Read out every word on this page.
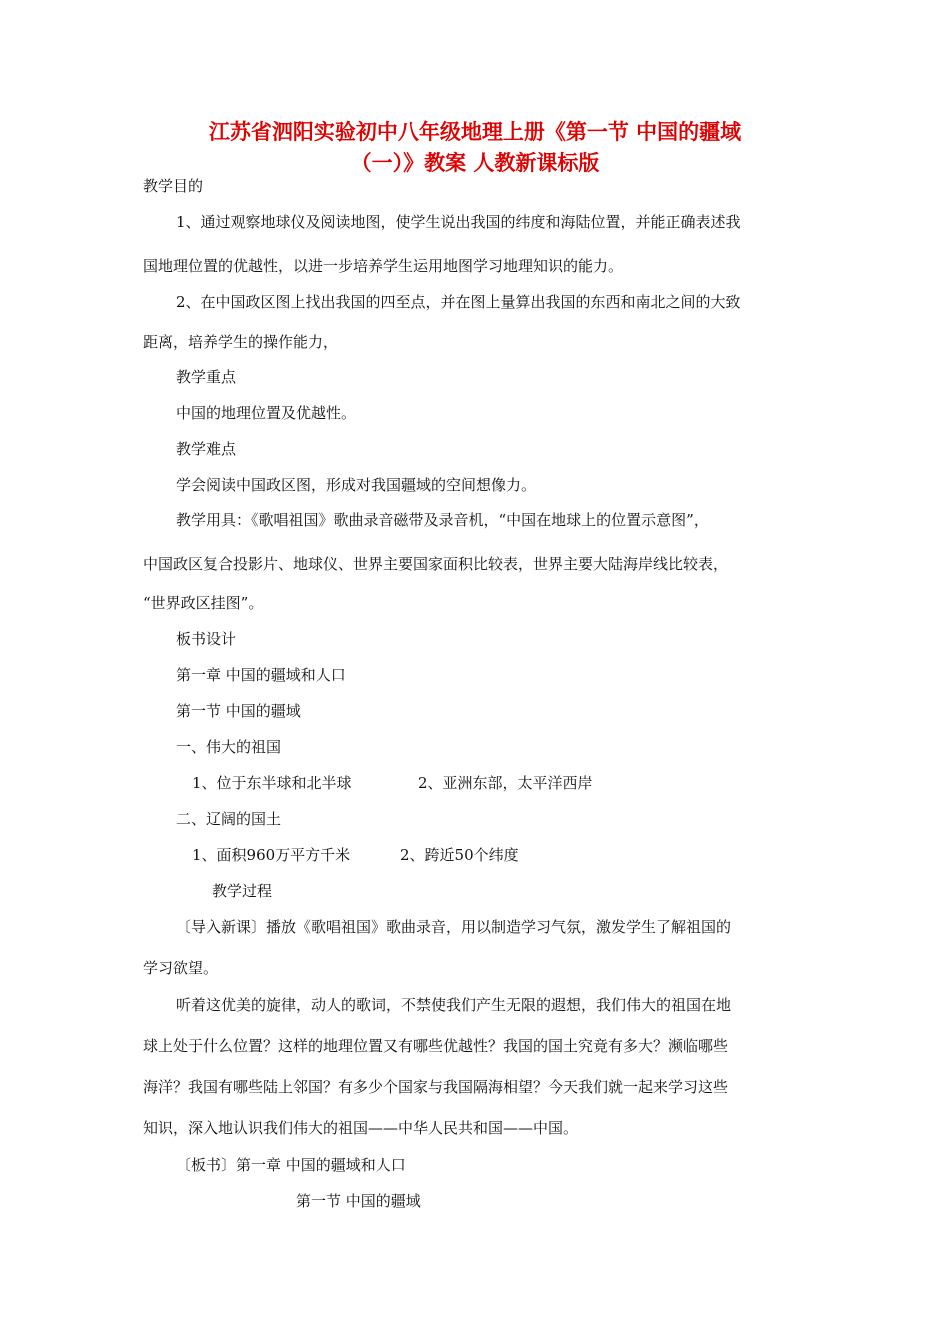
江苏省泗阳实验初中八年级地理上册《第一节 中国的疆域
（一）》教案 人教新课标版
教学目的
1、通过观察地球仪及阅读地图，使学生说出我国的纬度和海陆位置，并能正确表述我
国地理位置的优越性，以进一步培养学生运用地图学习地理知识的能力。
2、在中国政区图上找出我国的四至点，并在图上量算出我国的东西和南北之间的大致
距离，培养学生的操作能力，
教学重点
中国的地理位置及优越性。
教学难点
学会阅读中国政区图，形成对我国疆域的空间想像力。
教学用具：《歌唱祖国》歌曲录音磁带及录音机，“中国在地球上的位置示意图”，
中国政区复合投影片、地球仪、世界主要国家面积比较表，世界主要大陆海岸线比较表，
“世界政区挂图”。
板书设计
第一章 中国的疆域和人口
第一节 中国的疆域
一、伟大的祖国
1、位于东半球和北半球	2、亚洲东部，太平洋西岸
二、辽阔的国土
1、面积960万平方千米	2、跨近50个纬度
教学过程
〔导入新课〕播放《歌唱祖国》歌曲录音，用以制造学习气氛，激发学生了解祖国的
学习欲望。
听着这优美的旋律，动人的歌词，不禁使我们产生无限的遐想，我们伟大的祖国在地
球上处于什么位置？这样的地理位置又有哪些优越性？我国的国土究竟有多大？濒临哪些
海洋？我国有哪些陆上邻国？有多少个国家与我国隔海相望？今天我们就一起来学习这些
知识，深入地认识我们伟大的祖国——中华人民共和国——中国。
〔板书〕第一章 中国的疆域和人口
第一节 中国的疆域
